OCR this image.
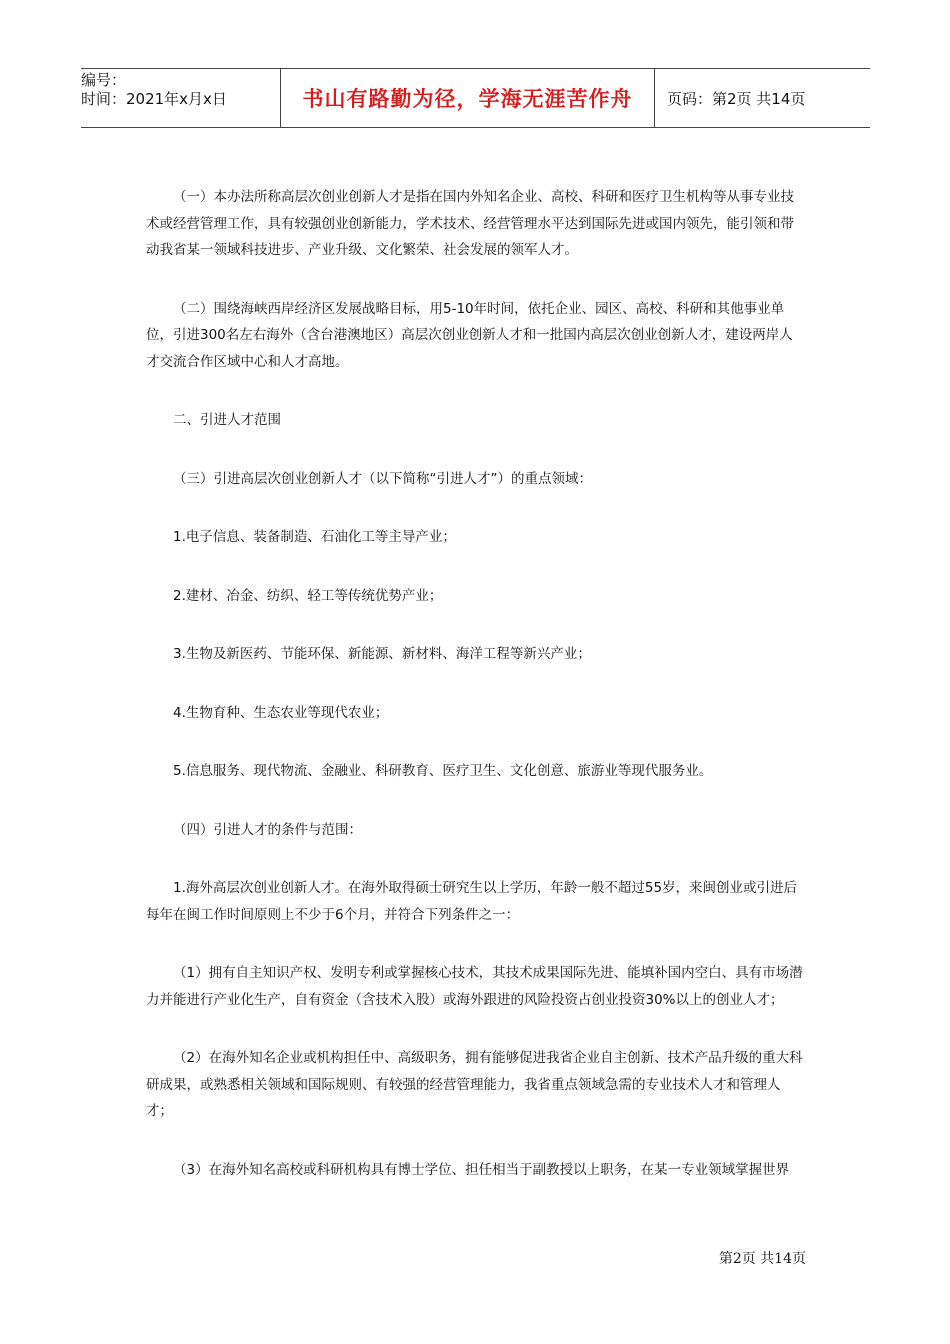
编号：
时间：2021年x月x日	书山有路勤为径，学海无涯苦作舟	页码：第2页 共14页

（一）本办法所称高层次创业创新人才是指在国内外知名企业、高校、科研和医疗卫生机构等从事专业技术或经营管理工作，具有较强创业创新能力，学术技术、经营管理水平达到国际先进或国内领先，能引领和带动我省某一领域科技进步、产业升级、文化繁荣、社会发展的领军人才。

（二）围绕海峡西岸经济区发展战略目标，用5-10年时间，依托企业、园区、高校、科研和其他事业单位，引进300名左右海外（含台港澳地区）高层次创业创新人才和一批国内高层次创业创新人才，建设两岸人才交流合作区域中心和人才高地。

二、引进人才范围

（三）引进高层次创业创新人才（以下简称“引进人才”）的重点领域：

1.电子信息、装备制造、石油化工等主导产业；

2.建材、冶金、纺织、轻工等传统优势产业；

3.生物及新医药、节能环保、新能源、新材料、海洋工程等新兴产业；

4.生物育种、生态农业等现代农业；

5.信息服务、现代物流、金融业、科研教育、医疗卫生、文化创意、旅游业等现代服务业。

（四）引进人才的条件与范围：

1.海外高层次创业创新人才。在海外取得硕士研究生以上学历，年龄一般不超过55岁，来闽创业或引进后每年在闽工作时间原则上不少于6个月，并符合下列条件之一：

（1）拥有自主知识产权、发明专利或掌握核心技术，其技术成果国际先进、能填补国内空白、具有市场潜力并能进行产业化生产，自有资金（含技术入股）或海外跟进的风险投资占创业投资30%以上的创业人才；

（2）在海外知名企业或机构担任中、高级职务，拥有能够促进我省企业自主创新、技术产品升级的重大科研成果，或熟悉相关领域和国际规则、有较强的经营管理能力，我省重点领域急需的专业技术人才和管理人才；

（3）在海外知名高校或科研机构具有博士学位、担任相当于副教授以上职务，在某一专业领域掌握世界

第2页 共14页
